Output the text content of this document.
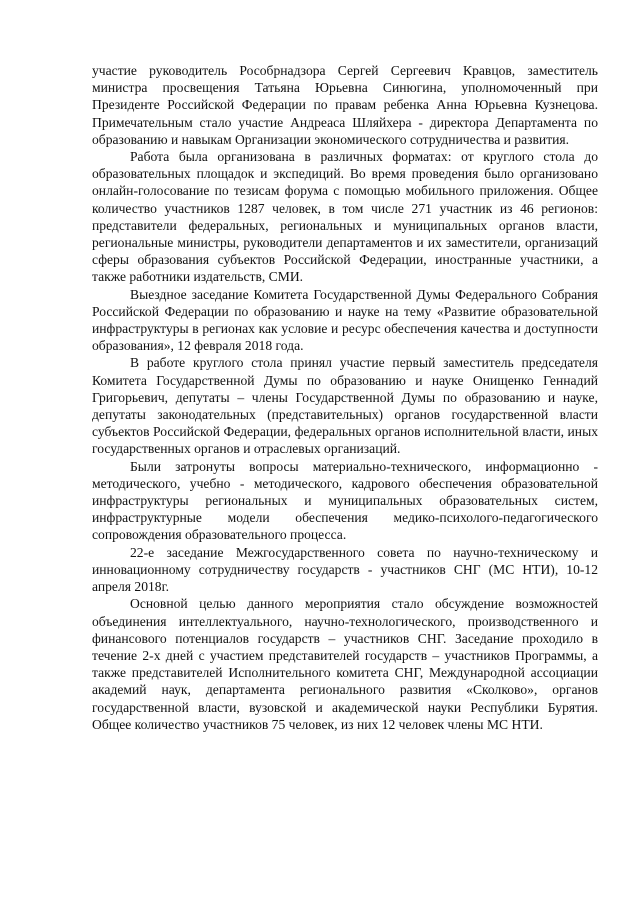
участие руководитель Рособрнадзора Сергей Сергеевич Кравцов, заместитель министра просвещения Татьяна Юрьевна Синюгина, уполномоченный при Президенте Российской Федерации по правам ребенка Анна Юрьевна Кузнецова. Примечательным стало участие Андреаса Шляйхера - директора Департамента по образованию и навыкам Организации экономического сотрудничества и развития.

Работа была организована в различных форматах: от круглого стола до образовательных площадок и экспедиций. Во время проведения было организовано онлайн-голосование по тезисам форума с помощью мобильного приложения. Общее количество участников 1287 человек, в том числе 271 участник из 46 регионов: представители федеральных, региональных и муниципальных органов власти, региональные министры, руководители департаментов и их заместители, организаций сферы образования субъектов Российской Федерации, иностранные участники, а также работники издательств, СМИ.

Выездное заседание Комитета Государственной Думы Федерального Собрания Российской Федерации по образованию и науке на тему «Развитие образовательной инфраструктуры в регионах как условие и ресурс обеспечения качества и доступности образования», 12 февраля 2018 года.

В работе круглого стола принял участие первый заместитель председателя Комитета Государственной Думы по образованию и науке Онищенко Геннадий Григорьевич, депутаты – члены Государственной Думы по образованию и науке, депутаты законодательных (представительных) органов государственной власти субъектов Российской Федерации, федеральных органов исполнительной власти, иных государственных органов и отраслевых организаций.

Были затронуты вопросы материально-технического, информационно - методического, учебно - методического, кадрового обеспечения образовательной инфраструктуры региональных и муниципальных образовательных систем, инфраструктурные модели обеспечения медико-психолого-педагогического сопровождения образовательного процесса.

22-е заседание Межгосударственного совета по научно-техническому и инновационному сотрудничеству государств - участников СНГ (МС НТИ), 10-12 апреля 2018г.

Основной целью данного мероприятия стало обсуждение возможностей объединения интеллектуального, научно-технологического, производственного и финансового потенциалов государств – участников СНГ. Заседание проходило в течение 2-х дней с участием представителей государств – участников Программы, а также представителей Исполнительного комитета СНГ, Международной ассоциации академий наук, департамента регионального развития «Сколково», органов государственной власти, вузовской и академической науки Республики Бурятия. Общее количество участников 75 человек, из них 12 человек члены МС НТИ.
